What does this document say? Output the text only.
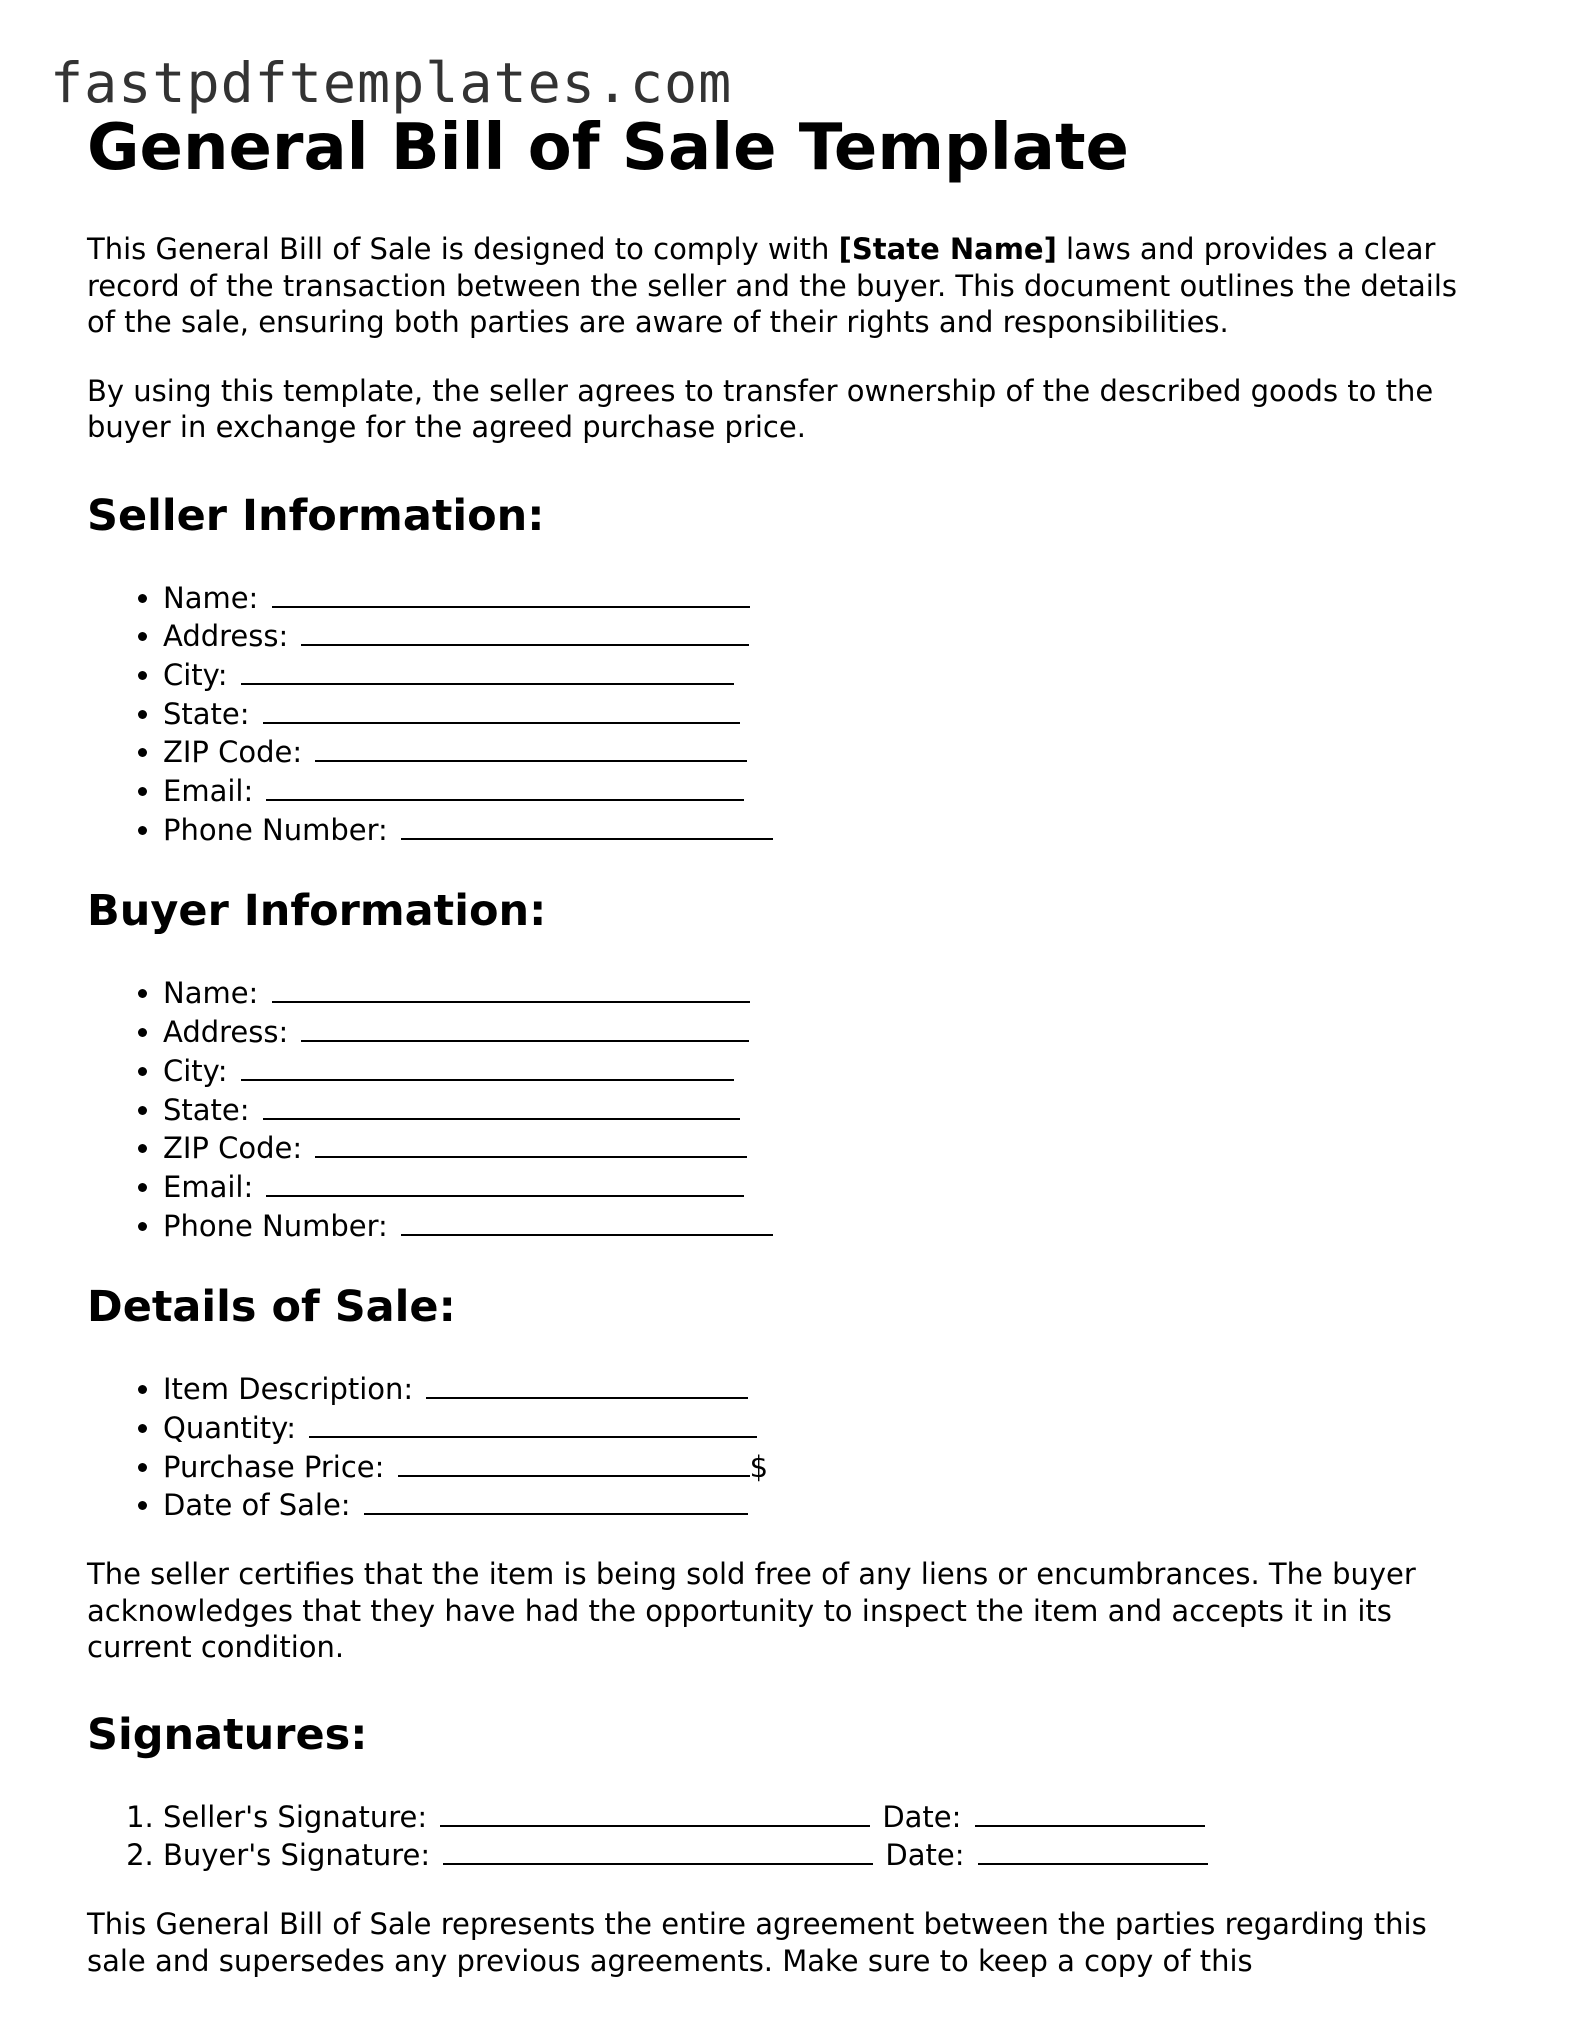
fastpdftemplates.com
General Bill of Sale Template

This General Bill of Sale is designed to comply with [State Name] laws and provides a clear record of the transaction between the seller and the buyer. This document outlines the details of the sale, ensuring both parties are aware of their rights and responsibilities.

By using this template, the seller agrees to transfer ownership of the described goods to the buyer in exchange for the agreed purchase price.

Seller Information:
• Name:
• Address:
• City:
• State:
• ZIP Code:
• Email:
• Phone Number:
Buyer Information:
• Name:
• Address:
• City:
• State:
• ZIP Code:
• Email:
• Phone Number:
Details of Sale:
• Item Description:
• Quantity:
• Purchase Price:	$
• Date of Sale:

The seller certifies that the item is being sold free of any liens or encumbrances. The buyer acknowledges that they have had the opportunity to inspect the item and accepts it in its current condition.

Signatures:
1. Seller's Signature:	Date:
2. Buyer's Signature:	Date:

This General Bill of Sale represents the entire agreement between the parties regarding this sale and supersedes any previous agreements. Make sure to keep a copy of this
